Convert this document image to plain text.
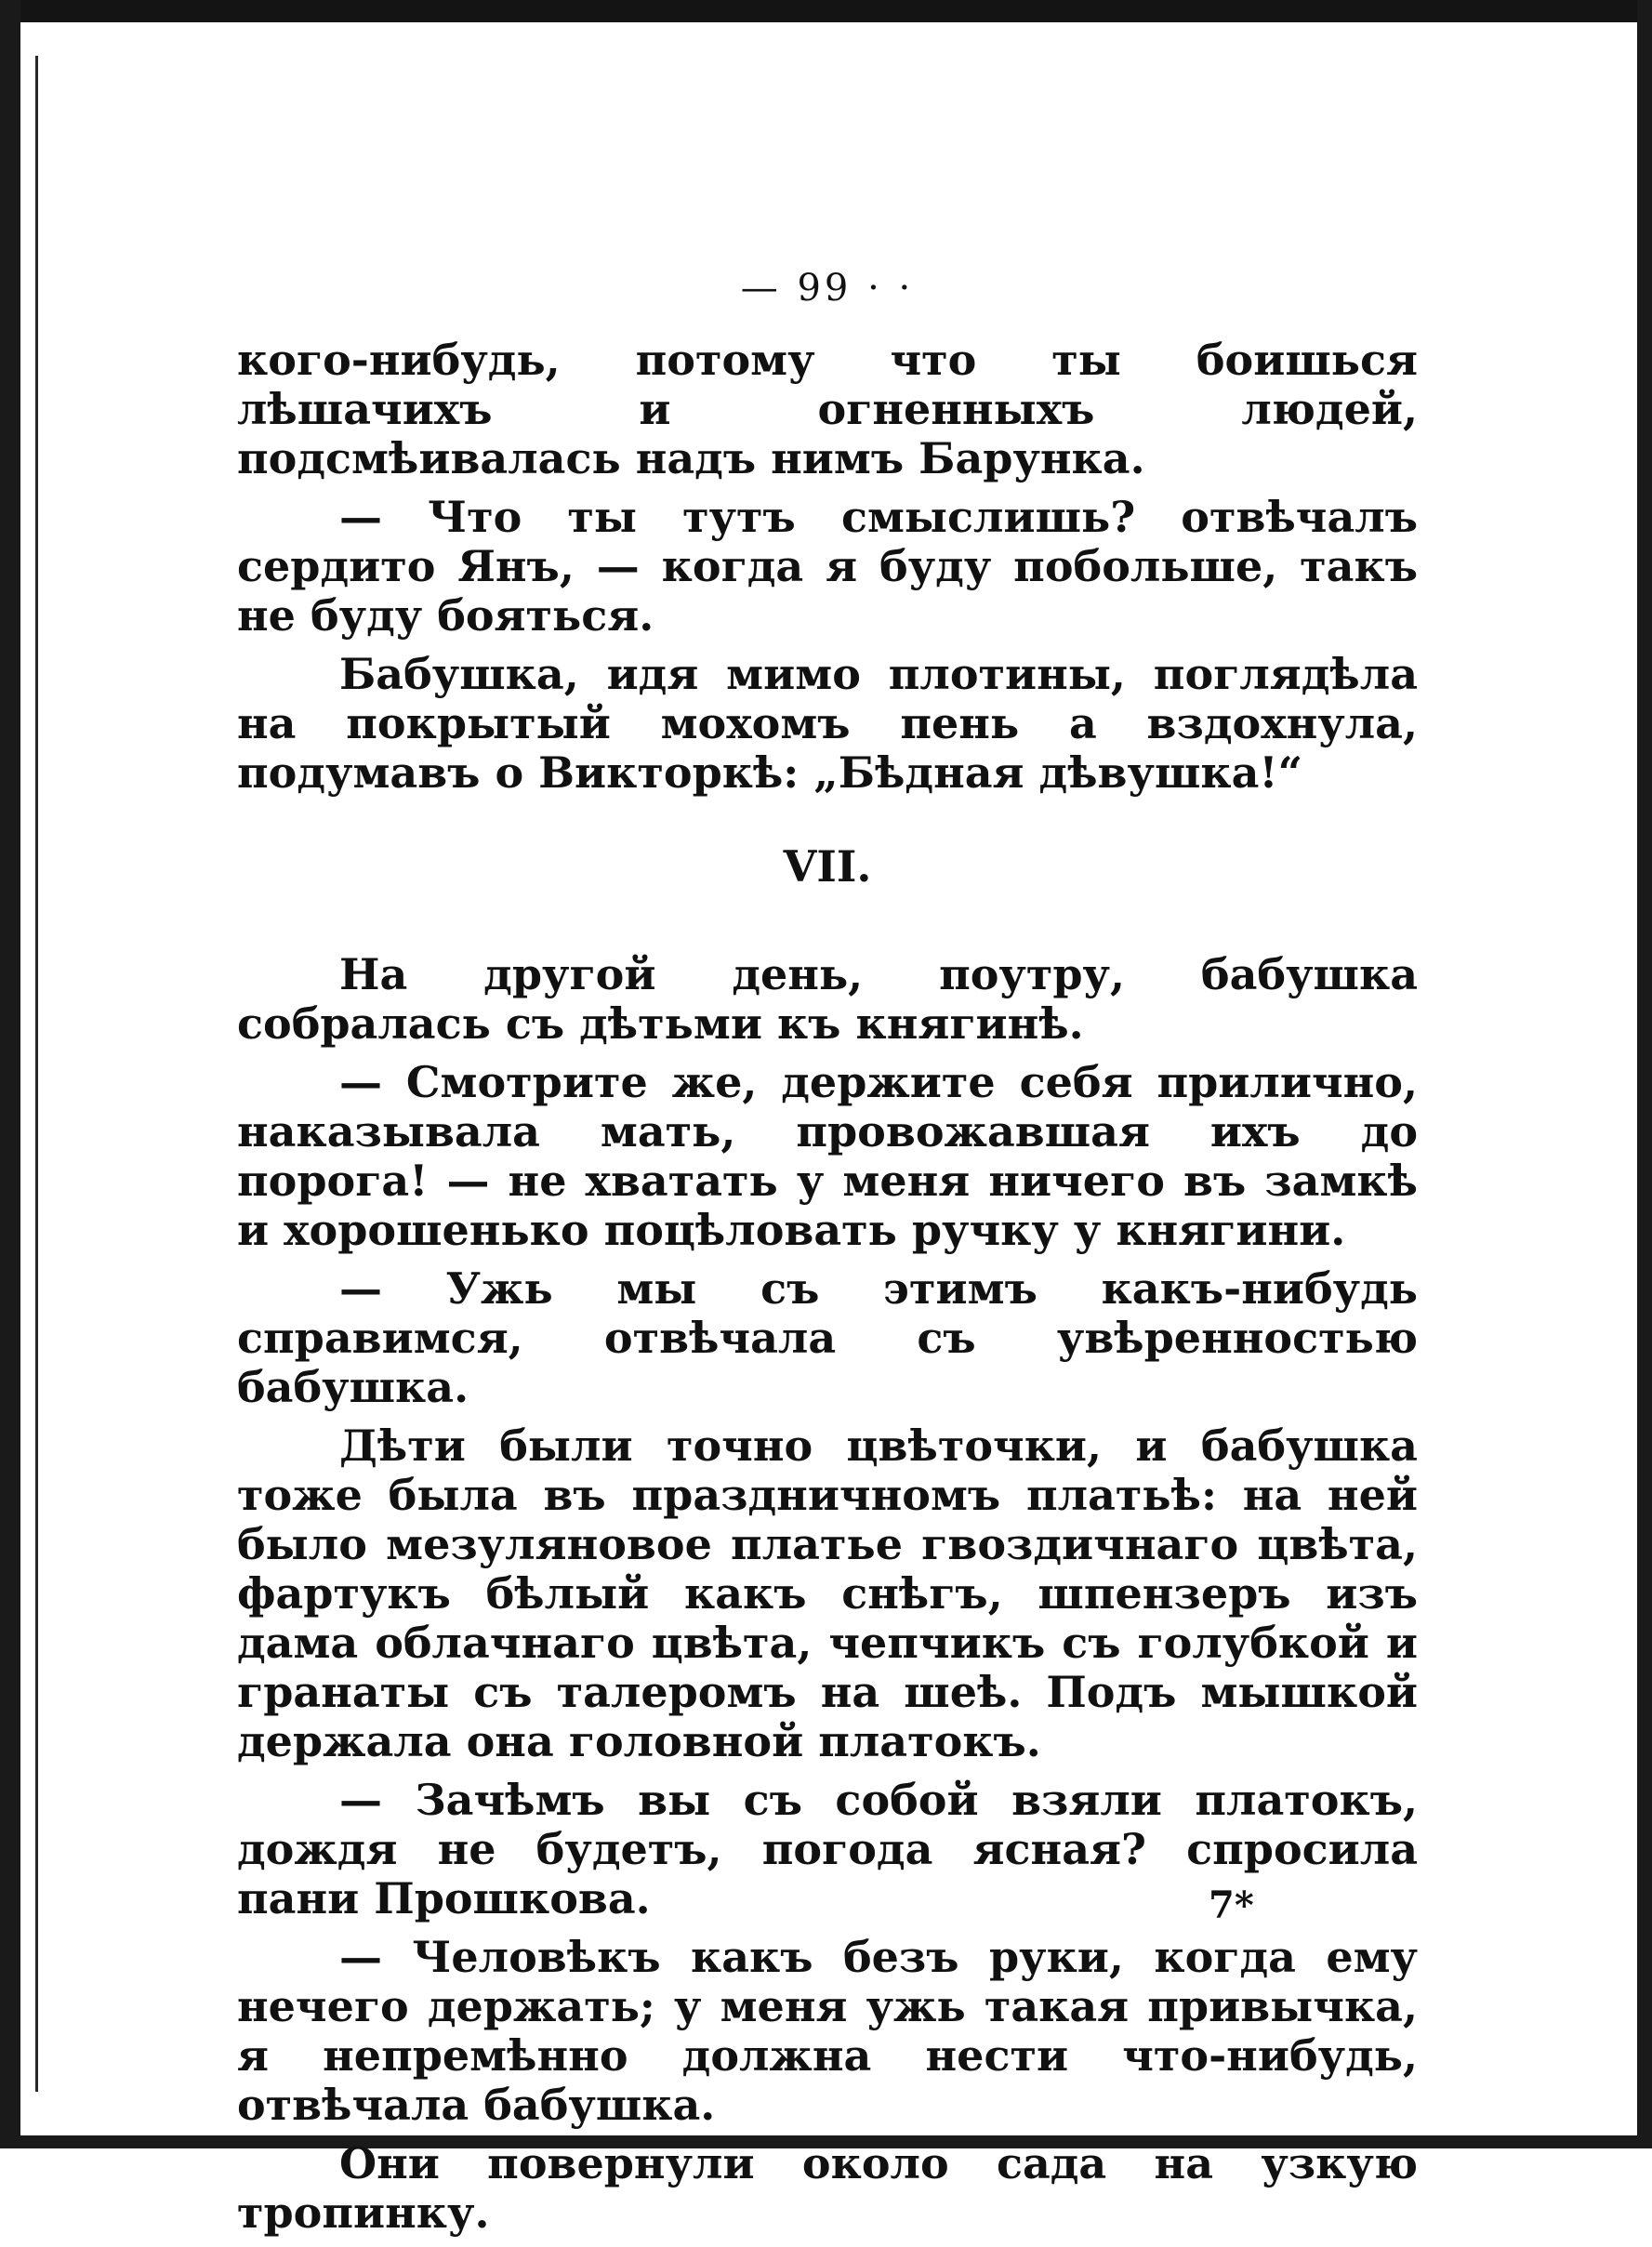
— 99 · ·

кого-нибудь, потому что ты боишься лѣшачихъ и огненныхъ людей, подсмѣивалась надъ нимъ Барунка.

— Что ты тутъ смыслишь? отвѣчалъ сердито Янъ, — когда я буду побольше, такъ не буду бояться.

Бабушка, идя мимо плотины, поглядѣла на покрытый мохомъ пень а вздохнула, подумавъ о Викторкѣ: „Бѣдная дѣвушка!“

VII.

На другой день, поутру, бабушка собралась съ дѣтьми къ княгинѣ.

— Смотрите же, держите себя прилично, наказывала мать, провожавшая ихъ до порога! — не хватать у меня ничего въ замкѣ и хорошенько поцѣловать ручку у княгини.

— Ужь мы съ этимъ какъ-нибудь справимся, отвѣчала съ увѣренностью бабушка.

Дѣти были точно цвѣточки, и бабушка тоже была въ праздничномъ платьѣ: на ней было мезуляновое платье гвоздичнаго цвѣта, фартукъ бѣлый какъ снѣгъ, шпензеръ изъ дама облачнаго цвѣта, чепчикъ съ голубкой и гранаты съ талеромъ на шеѣ. Подъ мышкой держала она головной платокъ.

— Зачѣмъ вы съ собой взяли платокъ, дождя не будетъ, погода ясная? спросила пани Прошкова.

— Человѣкъ какъ безъ руки, когда ему нечего держать; у меня ужь такая привычка, я непремѣнно должна нести что-нибудь, отвѣчала бабушка.

Они повернули около сада на узкую тропинку.

7*
